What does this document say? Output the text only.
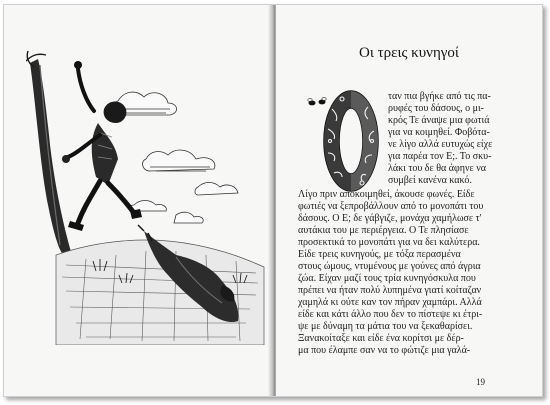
Οι τρεις κυνηγοί
ταν πια βγήκε από τις πα-
ρυφές του δάσους, ο μι-
κρός Τε άναψε μια φωτιά
για να κοιμηθεί. Φοβότα-
νε λίγο αλλά ευτυχώς είχε
για παρέα τον Ε;. Το σκυ-
λάκι του δε θα άφηνε να
συμβεί κανένα κακό.
Λίγο πριν αποκοιμηθεί, άκουσε φωνές. Είδε
φωτιές να ξεπροβάλλουν από το μονοπάτι του
δάσους. Ο Ε; δε γάβγιζε, μονάχα χαμήλωσε τ'
αυτάκια του με περιέργεια. Ο Τε πλησίασε
προσεκτικά το μονοπάτι για να δει καλύτερα.
Είδε τρεις κυνηγούς, με τόξα περασμένα
στους ώμους, ντυμένους με γούνες από άγρια
ζώα. Είχαν μαζί τους τρία κυνηγόσκυλα που
πρέπει να ήταν πολύ λυπημένα γιατί κοίταζαν
χαμηλά κι ούτε καν τον πήραν χαμπάρι. Αλλά
είδε και κάτι άλλο που δεν το πίστεψε κι έτρι-
ψε με δύναμη τα μάτια του να ξεκαθαρίσει.
Ξανακοίταξε και είδε ένα κορίτσι με δέρ-
μα που έλαμπε σαν να το φώτιζε μια γαλά-
19
